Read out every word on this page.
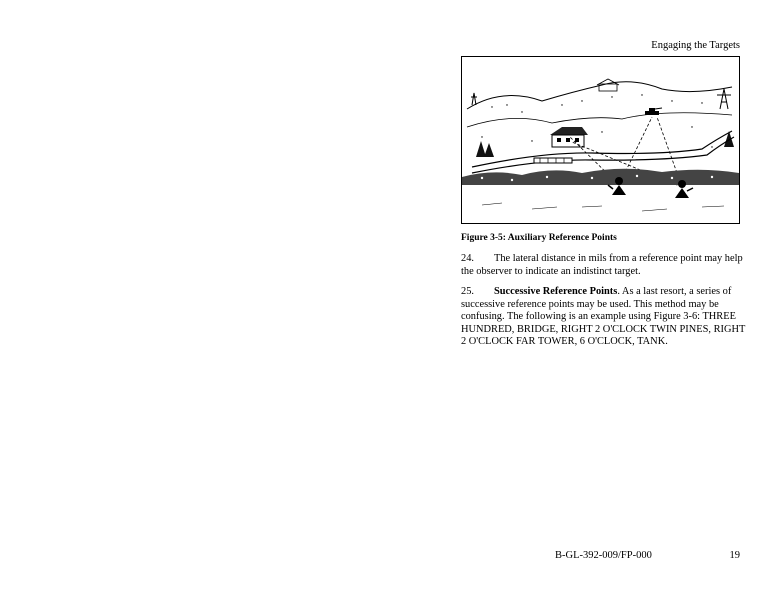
Engaging the Targets
Figure 3-5: Auxiliary Reference Points
24. The lateral distance in mils from a reference point may help the observer to indicate an indistinct target.
25. Successive Reference Points. As a last resort, a series of successive reference points may be used. This method may be confusing. The following is an example using Figure 3-6: THREE HUNDRED, BRIDGE, RIGHT 2 O'CLOCK TWIN PINES, RIGHT 2 O'CLOCK FAR TOWER, 6 O'CLOCK, TANK.
B-GL-392-009/FP-000	19
